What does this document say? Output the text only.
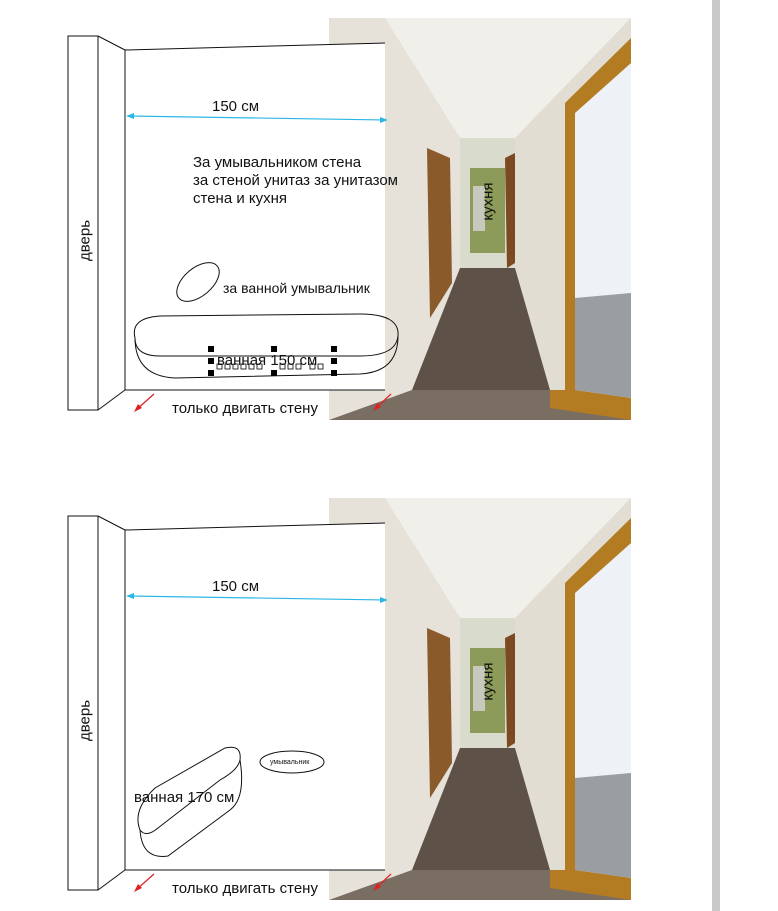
дверь
150 см
За умывальником стена
за стеной унитаз за унитазом
стена и кухня
за ванной умывальник
ванная 150 см
только двигать стену
кухня
дверь
150 см
умывальник
ванная 170 см
только двигать стену
кухня
